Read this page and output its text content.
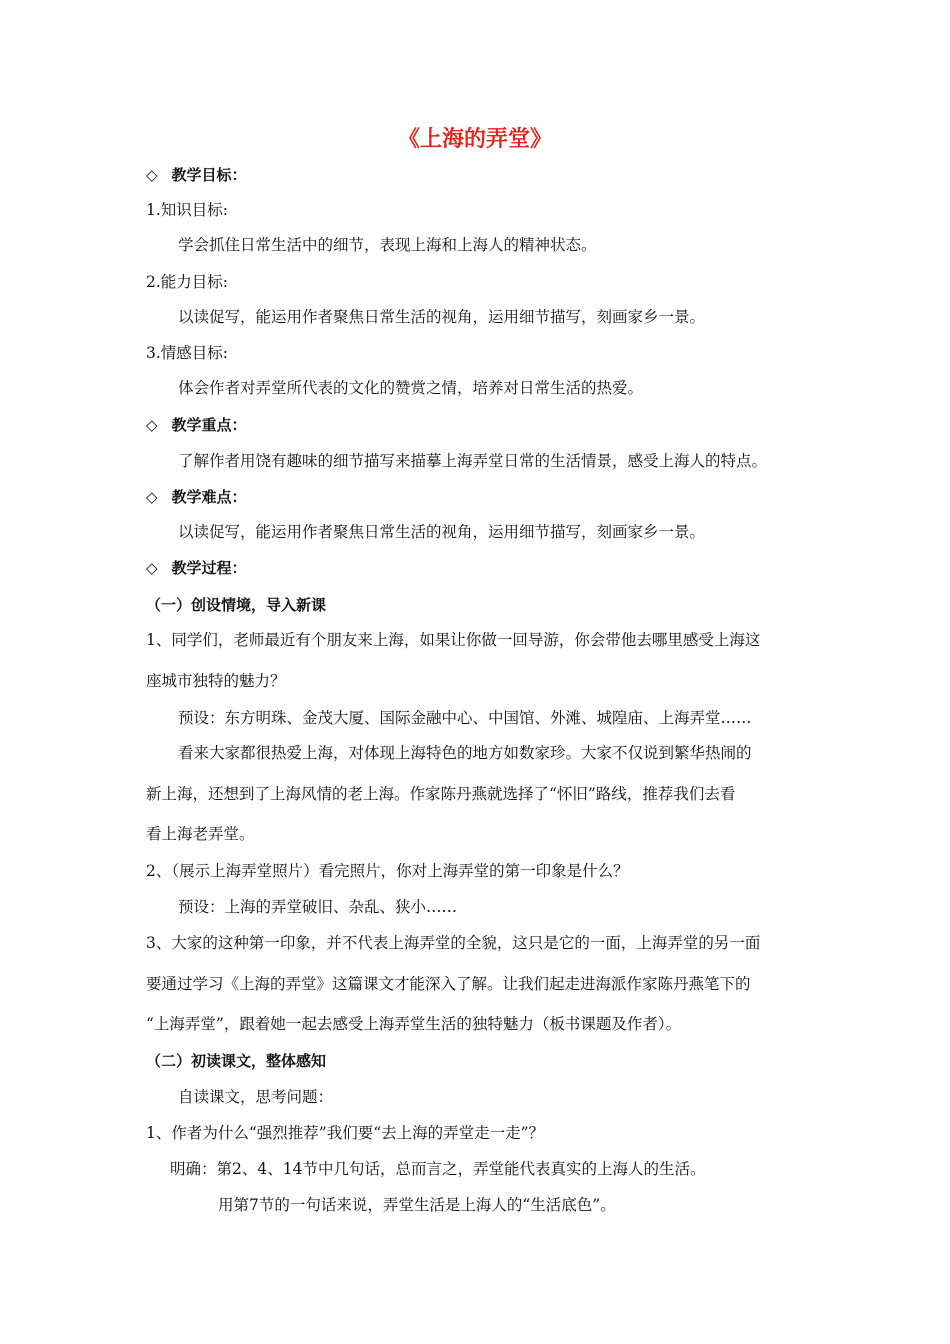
《上海的弄堂》
◇ 教学目标：
1.知识目标:
学会抓住日常生活中的细节，表现上海和上海人的精神状态。
2.能力目标:
以读促写，能运用作者聚焦日常生活的视角，运用细节描写，刻画家乡一景。
3.情感目标:
体会作者对弄堂所代表的文化的赞赏之情，培养对日常生活的热爱。
◇ 教学重点：
了解作者用饶有趣味的细节描写来描摹上海弄堂日常的生活情景，感受上海人的特点。
◇ 教学难点：
以读促写，能运用作者聚焦日常生活的视角，运用细节描写，刻画家乡一景。
◇ 教学过程：
（一）创设情境，导入新课
1、同学们，老师最近有个朋友来上海，如果让你做一回导游，你会带他去哪里感受上海这
座城市独特的魅力？
预设：东方明珠、金茂大厦、国际金融中心、中国馆、外滩、城隍庙、上海弄堂……
看来大家都很热爱上海，对体现上海特色的地方如数家珍。大家不仅说到繁华热闹的
新上海，还想到了上海风情的老上海。作家陈丹燕就选择了“怀旧”路线，推荐我们去看
看上海老弄堂。
2、（展示上海弄堂照片）看完照片，你对上海弄堂的第一印象是什么？
预设：上海的弄堂破旧、杂乱、狭小……
3、大家的这种第一印象，并不代表上海弄堂的全貌，这只是它的一面，上海弄堂的另一面
要通过学习《上海的弄堂》这篇课文才能深入了解。让我们起走进海派作家陈丹燕笔下的
“上海弄堂”，跟着她一起去感受上海弄堂生活的独特魅力（板书课题及作者）。
（二）初读课文，整体感知
自读课文，思考问题：
1、作者为什么“强烈推荐”我们要“去上海的弄堂走一走”？
明确：第2、4、14节中几句话，总而言之，弄堂能代表真实的上海人的生活。
用第7节的一句话来说，弄堂生活是上海人的“生活底色”。
